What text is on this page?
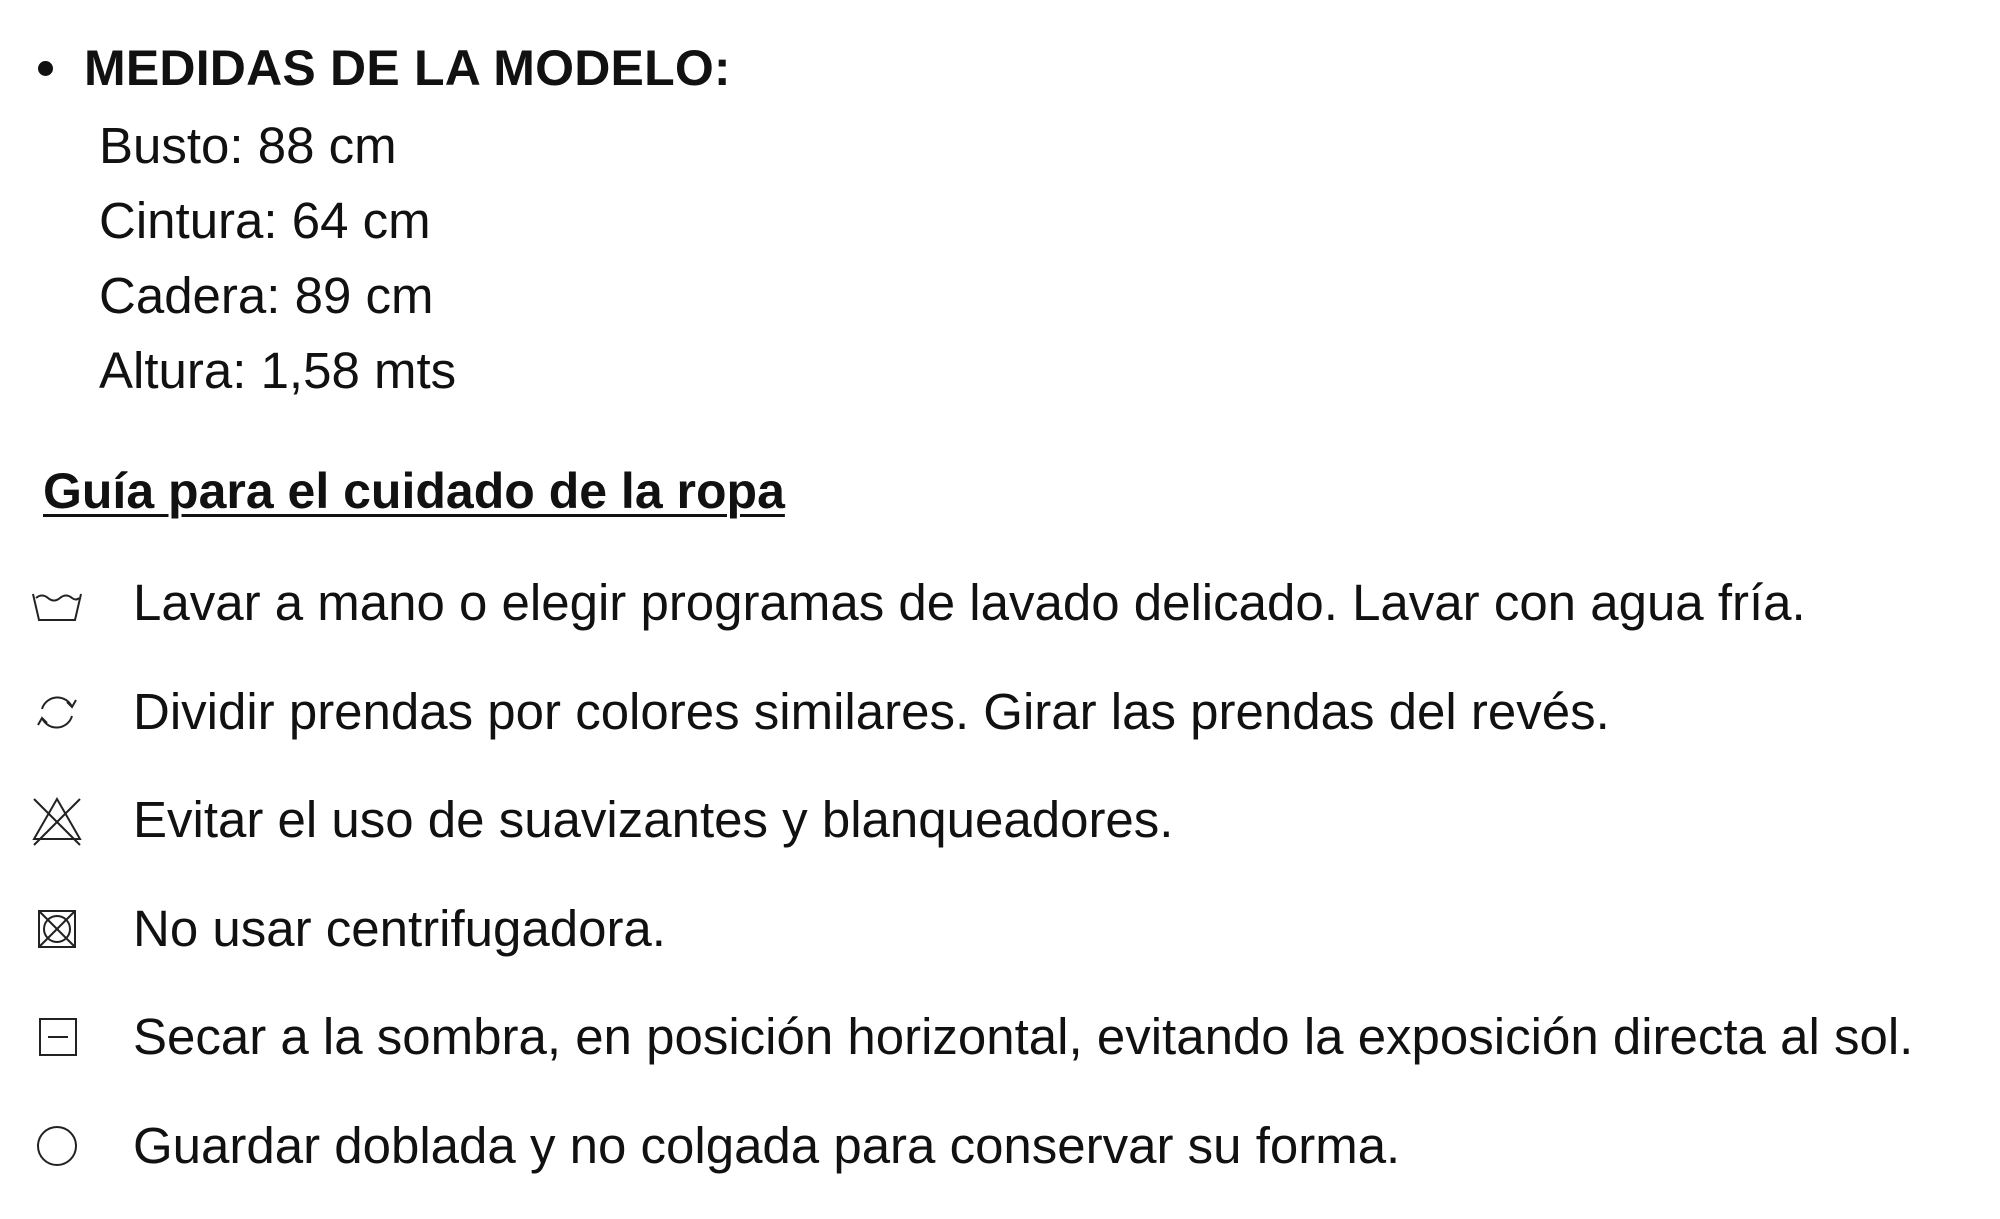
MEDIDAS DE LA MODELO:
Busto: 88 cm
Cintura: 64 cm
Cadera: 89 cm
Altura: 1,58 mts
Guía para el cuidado de la ropa
Lavar a mano o elegir programas de lavado delicado. Lavar con agua fría.
Dividir prendas por colores similares. Girar las prendas del revés.
Evitar el uso de suavizantes y blanqueadores.
No usar centrifugadora.
Secar a la sombra, en posición horizontal, evitando la exposición directa al sol.
Guardar doblada y no colgada para conservar su forma.
